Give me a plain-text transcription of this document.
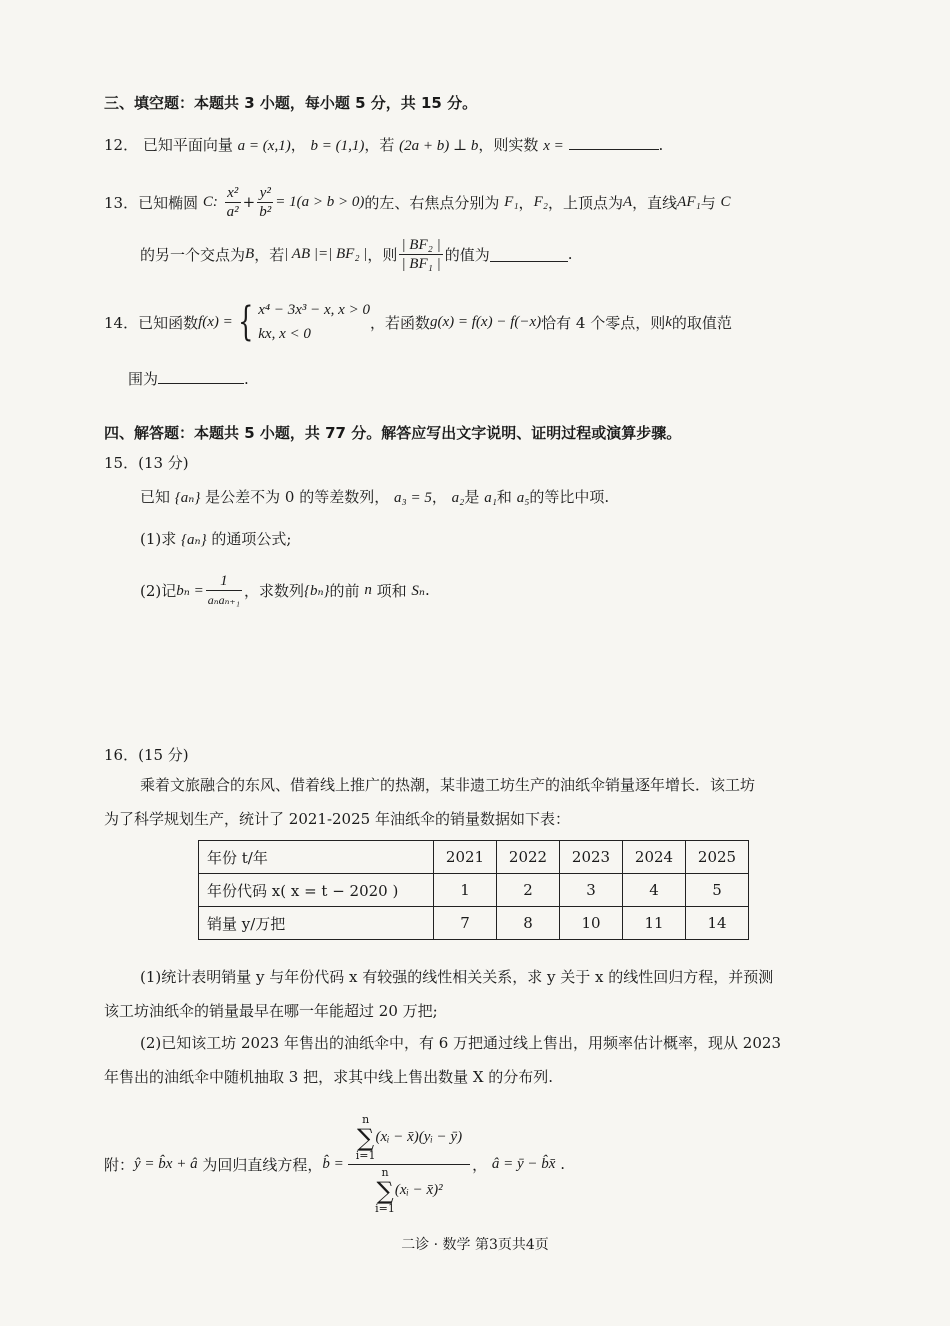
三、填空题：本题共 3 小题，每小题 5 分，共 15 分。
12． 已知平面向量 a = (x,1)， b = (1,1)，若 (2a + b) ⊥ b，则实数 x =	.
13． 已知椭圆
C:
$\frac{\text{x²}}{\text{a²}} + \frac{\text{y²}}{\text{b²}} = 1(a > b > 0)$ 的左、右焦点分别为
F₁ ， F₂ ，上顶点为 A ，直线 AF₁ 与
C
的另一个交点为 B ，若 | AB |=| BF₂ | ，则 $\frac{\text{| BF₂ |}}{\text{| BF₁ |}}$ 的值为	.
14． 已知函数 f(x) = { x⁴ − 3x³ − x, x > 0
kx, x < 0
，若函数 g(x) = f(x) − f(−x) 恰有 4 个零点，则 k 的取值范
围为	.
四、解答题：本题共 5 小题，共 77 分。解答应写出文字说明、证明过程或演算步骤。
15．(13 分)
已知 {aₙ} 是公差不为 0 的等差数列， a₃ = 5， a₂是 a₁和 a₅的等比中项.
(1)求 {aₙ} 的通项公式;
(2)记 $b_n = \frac{1}{\text{aₙaₙ₊₁}}$ ，求数列 {bₙ} 的前
n
项和
Sₙ .
16．(15 分)
乘着文旅融合的东风、借着线上推广的热潮，某非遗工坊生产的油纸伞销量逐年增长．该工坊
为了科学规划生产，统计了 2021-2025 年油纸伞的销量数据如下表：
年份 t/年	2021	2022	2023	2024	2025
年份代码 x( x = t − 2020 )	1	2	3	4	5
销量 y/万把	7	8	10	11	14
(1)统计表明销量 y 与年份代码 x 有较强的线性相关关系，求 y 关于 x 的线性回归方程，并预测
该工坊油纸伞的销量最早在哪一年能超过 20 万把;
(2)已知该工坊 2023 年售出的油纸伞中，有 6 万把通过线上售出，用频率估计概率，现从 2023
年售出的油纸伞中随机抽取 3 把，求其中线上售出数量 X 的分布列.
附： ŷ = b̂x + â
为回归直线方程， b̂ = n
∑
i=1
(xᵢ − x̄)(yᵢ − ȳ)
n
∑
i=1
(xᵢ − x̄)² ，
â = ȳ − b̂x̄
.
二诊 · 数学 第3页共4页
